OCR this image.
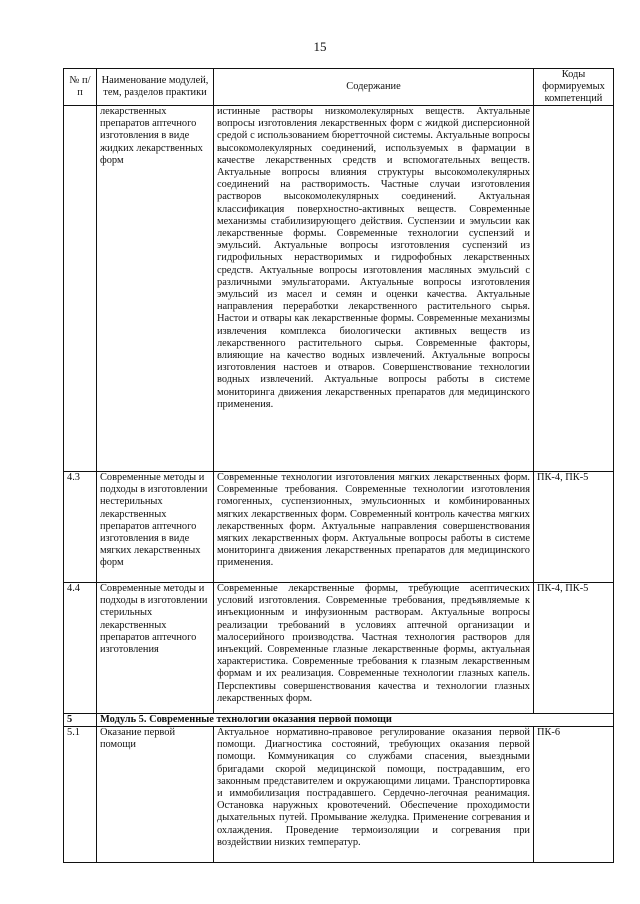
15
№ п/п	Наименование модулей, тем, разделов практики	Содержание	Коды формируемых компетенций
	лекарственных препаратов аптечного изготовления в виде жидких лекарственных форм	истинные растворы низкомолекулярных веществ. Актуальные вопросы изготовления лекарственных форм с жидкой дисперсионной средой с использованием бюретточной системы. Актуальные вопросы высокомолекулярных соединений, используемых в фармации в качестве лекарственных средств и вспомогательных веществ. Актуальные вопросы влияния структуры высокомолекулярных соединений на растворимость. Частные случаи изготовления растворов высокомолекулярных соединений. Актуальная классификация поверхностно-активных веществ. Современные механизмы стабилизирующего действия. Суспензии и эмульсии как лекарственные формы. Современные технологии суспензий и эмульсий. Актуальные вопросы изготовления суспензий из гидрофильных нерастворимых и гидрофобных лекарственных средств. Актуальные вопросы изготовления масляных эмульсий с различными эмульгаторами. Актуальные вопросы изготовления эмульсий из масел и семян и оценки качества. Актуальные направления переработки лекарственного растительного сырья. Настои и отвары как лекарственные формы. Современные механизмы извлечения комплекса биологически активных веществ из лекарственного растительного сырья. Современные факторы, влияющие на качество водных извлечений. Актуальные вопросы изготовления настоев и отваров. Совершенствование технологии водных извлечений. Актуальные вопросы работы в системе мониторинга движения лекарственных препаратов для медицинского применения.	
4.3	Современные методы и подходы в изготовлении нестерильных лекарственных препаратов аптечного изготовления в виде мягких лекарственных форм	Современные технологии изготовления мягких лекарственных форм. Современные требования. Современные технологии изготовления гомогенных, суспензионных, эмульсионных и комбинированных мягких лекарственных форм. Современный контроль качества мягких лекарственных форм. Актуальные направления совершенствования мягких лекарственных форм. Актуальные вопросы работы в системе мониторинга движения лекарственных препаратов для медицинского применения.	ПК-4, ПК-5
4.4	Современные методы и подходы в изготовлении стерильных лекарственных препаратов аптечного изготовления	Современные лекарственные формы, требующие асептических условий изготовления. Современные требования, предъявляемые к инъекционным и инфузионным растворам. Актуальные вопросы реализации требований в условиях аптечной организации и малосерийного производства. Частная технология растворов для инъекций. Современные глазные лекарственные формы, актуальная характеристика. Современные требования к глазным лекарственным формам и их реализация. Современные технологии глазных капель. Перспективы совершенствования качества и технологии глазных лекарственных форм.	ПК-4, ПК-5
5	Модуль 5. Современные технологии оказания первой помощи		
5.1	Оказание первой помощи	Актуальное нормативно-правовое регулирование оказания первой помощи. Диагностика состояний, требующих оказания первой помощи. Коммуникация со службами спасения, выездными бригадами скорой медицинской помощи, пострадавшим, его законным представителем и окружающими лицами. Транспортировка и иммобилизация пострадавшего. Сердечно-легочная реанимация. Остановка наружных кровотечений. Обеспечение проходимости дыхательных путей. Промывание желудка. Применение согревания и охлаждения. Проведение термоизоляции и согревания при воздействии низких температур.	ПК-6
